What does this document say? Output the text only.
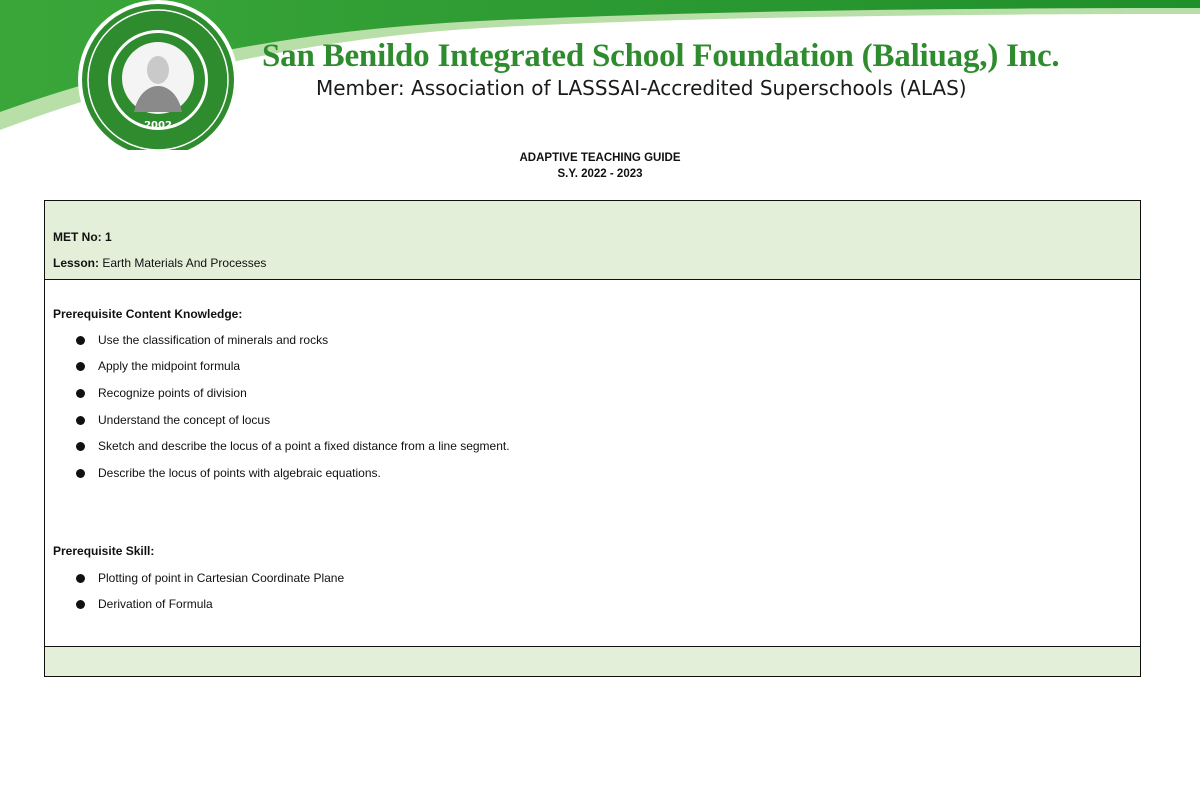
2002
San Benildo Integrated School Foundation (Baliuag,) Inc.
Member: Association of LASSSAI-Accredited Superschools (ALAS)
ADAPTIVE TEACHING GUIDE
S.Y. 2022 - 2023
MET No: 1
Lesson: Earth Materials And Processes
Prerequisite Content Knowledge:
Use the classification of minerals and rocks
Apply the midpoint formula
Recognize points of division
Understand the concept of locus
Sketch and describe the locus of a point a fixed distance from a line segment.
Describe the locus of points with algebraic equations.
Prerequisite Skill:
Plotting of point in Cartesian Coordinate Plane
Derivation of Formula
